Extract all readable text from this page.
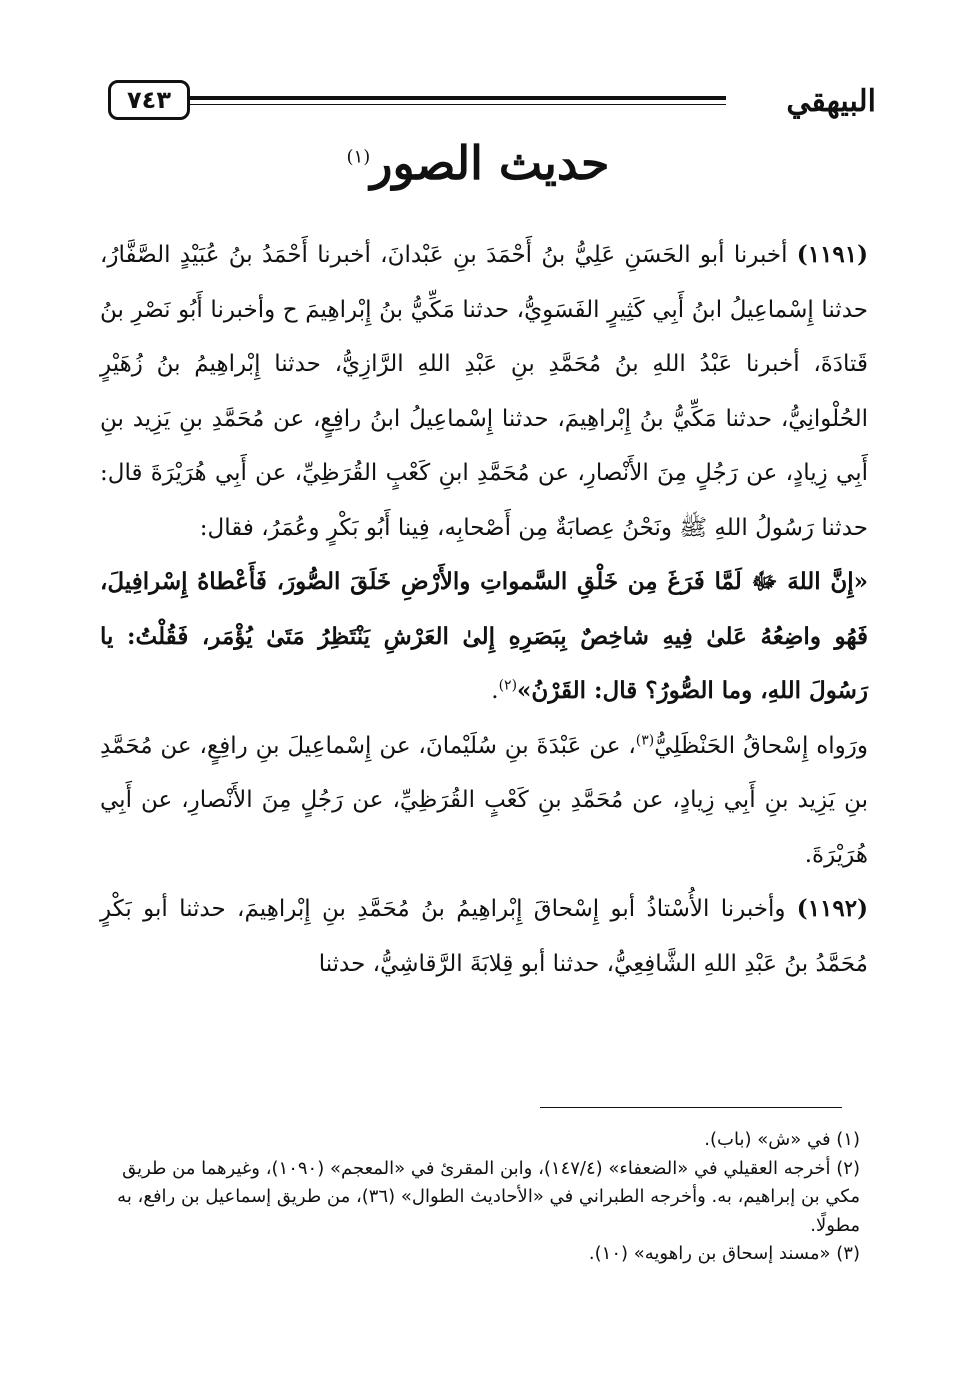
البيهقي
٧٤٣
حديث الصور$^{(١)}$

(١١٩١) أخبرنا أبو الحَسَنِ عَلِيُّ بنُ أَحْمَدَ بنِ عَبْدانَ، أخبرنا أَحْمَدُ بنُ عُبَيْدٍ الصَّفَّارُ، حدثنا إِسْماعِيلُ ابنُ أَبِي كَثِيرٍ الفَسَوِيُّ، حدثنا مَكِّيُّ بنُ إِبْراهِيمَ ح وأخبرنا أَبُو نَصْرِ بنُ قَتادَةَ، أخبرنا عَبْدُ اللهِ بنُ مُحَمَّدِ بنِ عَبْدِ اللهِ الرَّازِيُّ، حدثنا إِبْراهِيمُ بنُ زُهَيْرٍ الحُلْوانِيُّ، حدثنا مَكِّيُّ بنُ إِبْراهِيمَ، حدثنا إِسْماعِيلُ ابنُ رافِعٍ، عن مُحَمَّدِ بنِ يَزِيد بنِ أَبِي زِيادٍ، عن رَجُلٍ مِنَ الأَنْصارِ، عن مُحَمَّدِ ابنِ كَعْبٍ القُرَظِيِّ، عن أَبِي هُرَيْرَةَ قال: حدثنا رَسُولُ اللهِ ﷺ ونَحْنُ عِصابَةٌ مِن أَصْحابِه، فِينا أَبُو بَكْرٍ وعُمَرُ، فقال:

«إِنَّ اللهَ ﷻ لَمَّا فَرَغَ مِن خَلْقِ السَّمواتِ والأَرْضِ خَلَقَ الصُّورَ، فَأَعْطاهُ إِسْرافِيلَ، فَهُو واضِعُهُ عَلىٰ فِيهِ شاخِصٌ بِبَصَرِهِ إِلىٰ العَرْشِ يَنْتَظِرُ مَتَىٰ يُؤْمَر، فَقُلْتُ: يا رَسُولَ اللهِ، وما الصُّورُ؟ قال: القَرْنُ»$^{(٢)}$.

ورَواه إِسْحاقُ الحَنْظَلِيُّ$^{(٣)}$، عن عَبْدَةَ بنِ سُلَيْمانَ، عن إِسْماعِيلَ بنِ رافِعٍ، عن مُحَمَّدِ بنِ يَزِيد بنِ أَبِي زِيادٍ، عن مُحَمَّدِ بنِ كَعْبٍ القُرَظِيِّ، عن رَجُلٍ مِنَ الأَنْصارِ، عن أَبِي هُرَيْرَةَ.

(١١٩٢) وأخبرنا الأُسْتاذُ أبو إِسْحاقَ إِبْراهِيمُ بنُ مُحَمَّدِ بنِ إِبْراهِيمَ، حدثنا أبو بَكْرٍ مُحَمَّدُ بنُ عَبْدِ اللهِ الشَّافِعِيُّ، حدثنا أبو قِلابَةَ الرَّقاشِيُّ، حدثنا

(١) في «ش» (باب).

(٢) أخرجه العقيلي في «الضعفاء» (١٤٧/٤)، وابن المقرئ في «المعجم» (١٠٩٠)، وغيرهما من طريق مكي بن إبراهيم، به. وأخرجه الطبراني في «الأحاديث الطوال» (٣٦)، من طريق إسماعيل بن رافع، به مطولًا.

(٣) «مسند إسحاق بن راهويه» (١٠).
